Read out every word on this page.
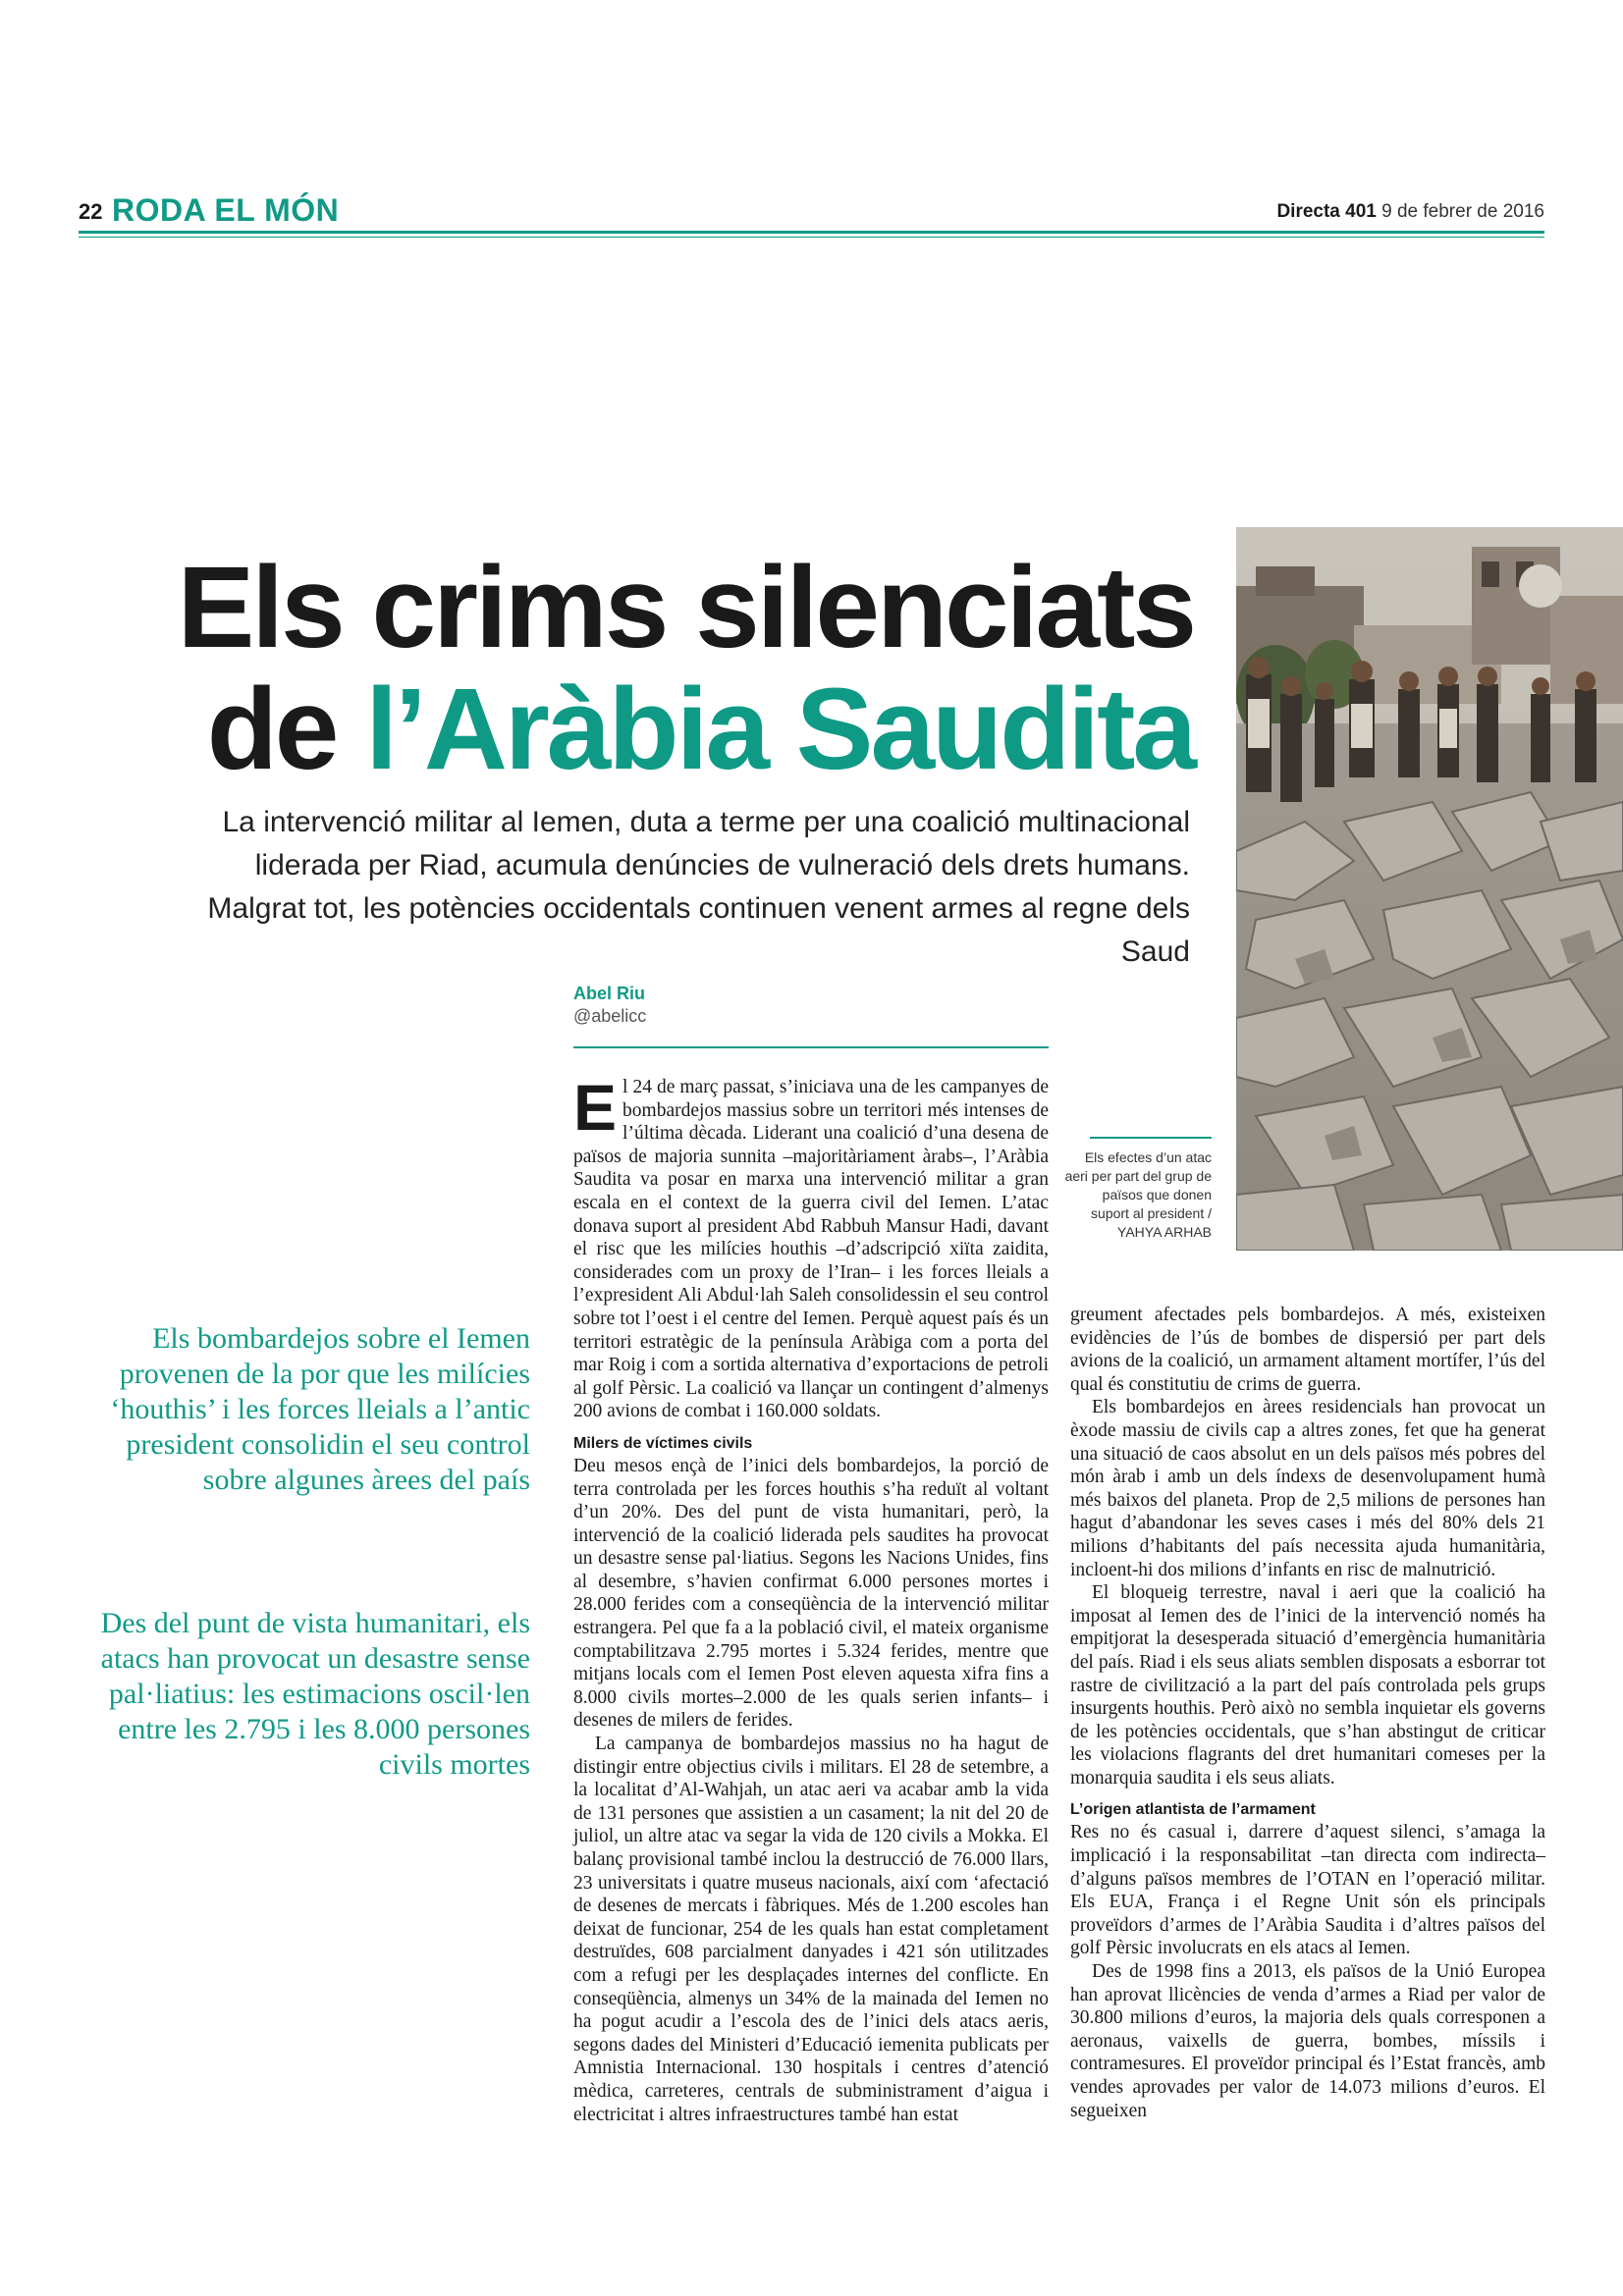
22 RODA EL MÓN	Directa 401 9 de febrer de 2016
Els crims silenciats
de l’Aràbia Saudita
La intervenció militar al Iemen, duta a terme per una coalició multinacional liderada per Riad, acumula denúncies de vulneració dels drets humans. Malgrat tot, les potències occidentals continuen venent armes al regne dels Saud
Els efectes d’un atac aeri per part del grup de països que donen suport al president / YAHYA ARHAB
Abel Riu
@abelicc
Els bombardejos sobre el Iemen provenen de la por que les milícies ‘houthis’ i les forces lleials a l’antic president consolidin el seu control sobre algunes àrees del país
Des del punt de vista humanitari, els atacs han provocat un desastre sense pal·liatius: les estimacions oscil·len entre les 2.795 i les 8.000 persones civils mortes

El 24 de març passat, s’iniciava una de les campanyes de bombardejos massius sobre un territori més intenses de l’última dècada. Liderant una coalició d’una desena de països de majoria sunnita –majoritàriament àrabs–, l’Aràbia Saudita va posar en marxa una intervenció militar a gran escala en el context de la guerra civil del Iemen. L’atac donava suport al president Abd Rabbuh Mansur Hadi, davant el risc que les milícies houthis –d’adscripció xiïta zaidita, considerades com un proxy de l’Iran– i les forces lleials a l’expresident Ali Abdul·lah Saleh consolidessin el seu control sobre tot l’oest i el centre del Iemen. Perquè aquest país és un territori estratègic de la península Aràbiga com a porta del mar Roig i com a sortida alternativa d’exportacions de petroli al golf Pèrsic. La coalició va llançar un contingent d’almenys 200 avions de combat i 160.000 soldats.

Milers de víctimes civils

Deu mesos ençà de l’inici dels bombardejos, la porció de terra controlada per les forces houthis s’ha reduït al voltant d’un 20%. Des del punt de vista humanitari, però, la intervenció de la coalició liderada pels saudites ha provocat un desastre sense pal·liatius. Segons les Nacions Unides, fins al desembre, s’havien confirmat 6.000 persones mortes i 28.000 ferides com a conseqüència de la intervenció militar estrangera. Pel que fa a la població civil, el mateix organisme comptabilitzava 2.795 mortes i 5.324 ferides, mentre que mitjans locals com el Iemen Post eleven aquesta xifra fins a 8.000 civils mortes–2.000 de les quals serien infants– i desenes de milers de ferides.

La campanya de bombardejos massius no ha hagut de distingir entre objectius civils i militars. El 28 de setembre, a la localitat d’Al-Wahjah, un atac aeri va acabar amb la vida de 131 persones que assistien a un casament; la nit del 20 de juliol, un altre atac va segar la vida de 120 civils a Mokka. El balanç provisional també inclou la destrucció de 76.000 llars, 23 universitats i quatre museus nacionals, així com ‘afectació de desenes de mercats i fàbriques. Més de 1.200 escoles han deixat de funcionar, 254 de les quals han estat completament destruïdes, 608 parcialment danyades i 421 són utilitzades com a refugi per les desplaçades internes del conflicte. En conseqüència, almenys un 34% de la mainada del Iemen no ha pogut acudir a l’escola des de l’inici dels atacs aeris, segons dades del Ministeri d’Educació iemenita publicats per Amnistia Internacional. 130 hospitals i centres d’atenció mèdica, carreteres, centrals de subministrament d’aigua i electricitat i altres infraestructures també han estat

greument afectades pels bombardejos. A més, existeixen evidències de l’ús de bombes de dispersió per part dels avions de la coalició, un armament altament mortífer, l’ús del qual és constitutiu de crims de guerra.

Els bombardejos en àrees residencials han provocat un èxode massiu de civils cap a altres zones, fet que ha generat una situació de caos absolut en un dels països més pobres del món àrab i amb un dels índexs de desenvolupament humà més baixos del planeta. Prop de 2,5 milions de persones han hagut d’abandonar les seves cases i més del 80% dels 21 milions d’habitants del país necessita ajuda humanitària, incloent-hi dos milions d’infants en risc de malnutrició.

El bloqueig terrestre, naval i aeri que la coalició ha imposat al Iemen des de l’inici de la intervenció només ha empitjorat la desesperada situació d’emergència humanitària del país. Riad i els seus aliats semblen disposats a esborrar tot rastre de civilització a la part del país controlada pels grups insurgents houthis. Però això no sembla inquietar els governs de les potències occidentals, que s’han abstingut de criticar les violacions flagrants del dret humanitari comeses per la monarquia saudita i els seus aliats.

L’origen atlantista de l’armament

Res no és casual i, darrere d’aquest silenci, s’amaga la implicació i la responsabilitat –tan directa com indirecta– d’alguns països membres de l’OTAN en l’operació militar. Els EUA, França i el Regne Unit són els principals proveïdors d’armes de l’Aràbia Saudita i d’altres països del golf Pèrsic involucrats en els atacs al Iemen.

Des de 1998 fins a 2013, els països de la Unió Europea han aprovat llicències de venda d’armes a Riad per valor de 30.800 milions d’euros, la majoria dels quals corresponen a aeronaus, vaixells de guerra, bombes, míssils i contramesures. El proveïdor principal és l’Estat francès, amb vendes aprovades per valor de 14.073 milions d’euros. El segueixen
